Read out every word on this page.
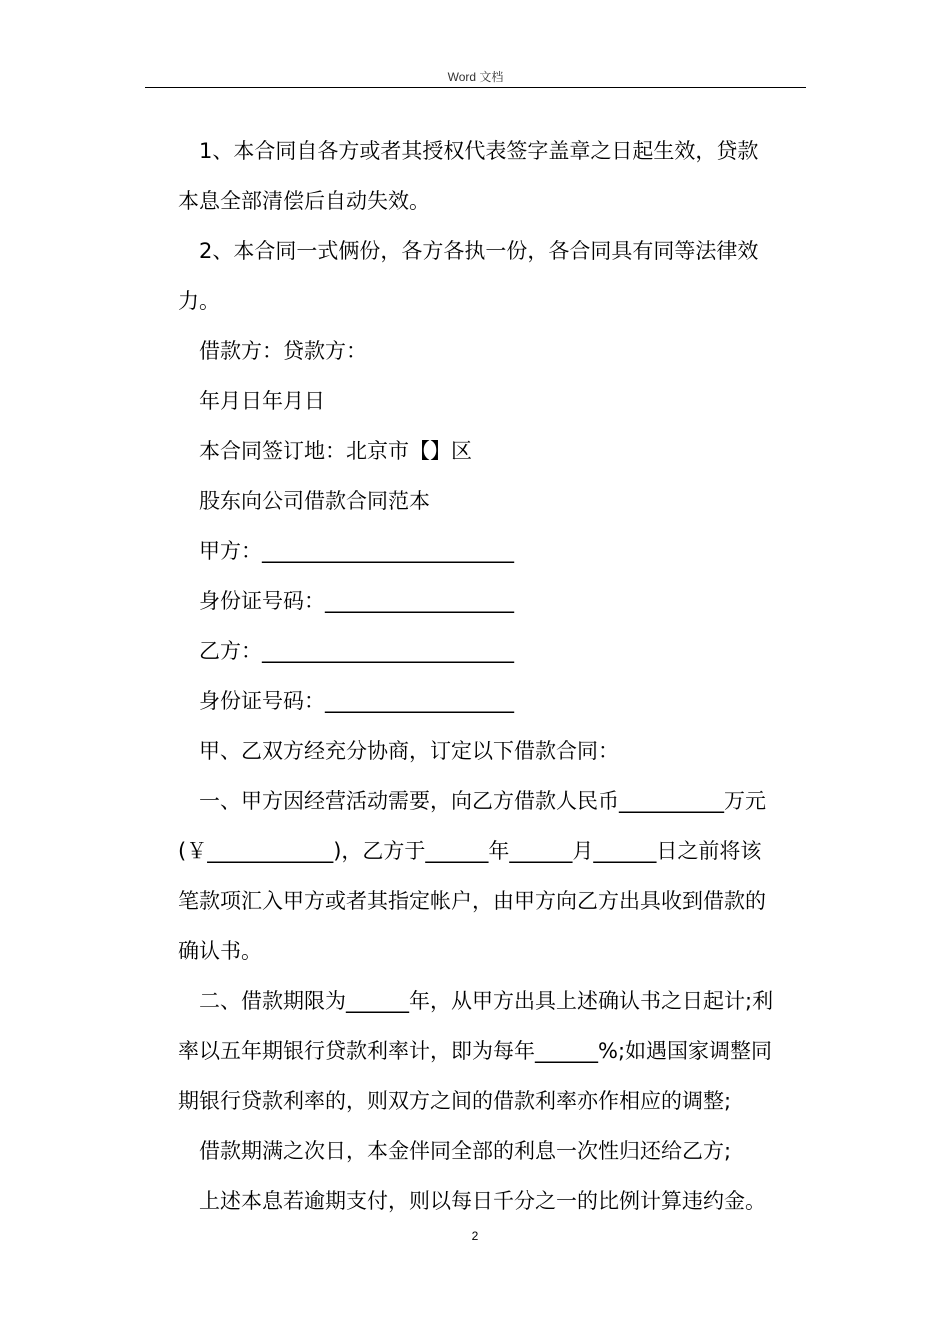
Word 文档

1、本合同自各方或者其授权代表签字盖章之日起生效，贷款

本息全部清偿后自动失效。

2、本合同一式俩份，各方各执一份，各合同具有同等法律效

力。

借款方：贷款方：

年月日年月日

本合同签订地：北京市【】区

股东向公司借款合同范本

甲方：________________________

身份证号码：__________________

乙方：________________________

身份证号码：__________________

甲、乙双方经充分协商，订定以下借款合同：

一、甲方因经营活动需要，向乙方借款人民币__________万元

(￥____________)，乙方于______年______月______日之前将该

笔款项汇入甲方或者其指定帐户，由甲方向乙方出具收到借款的

确认书。

二、借款期限为______年，从甲方出具上述确认书之日起计;利

率以五年期银行贷款利率计，即为每年______%;如遇国家调整同

期银行贷款利率的，则双方之间的借款利率亦作相应的调整;

借款期满之次日，本金伴同全部的利息一次性归还给乙方;

上述本息若逾期支付，则以每日千分之一的比例计算违约金。

2
